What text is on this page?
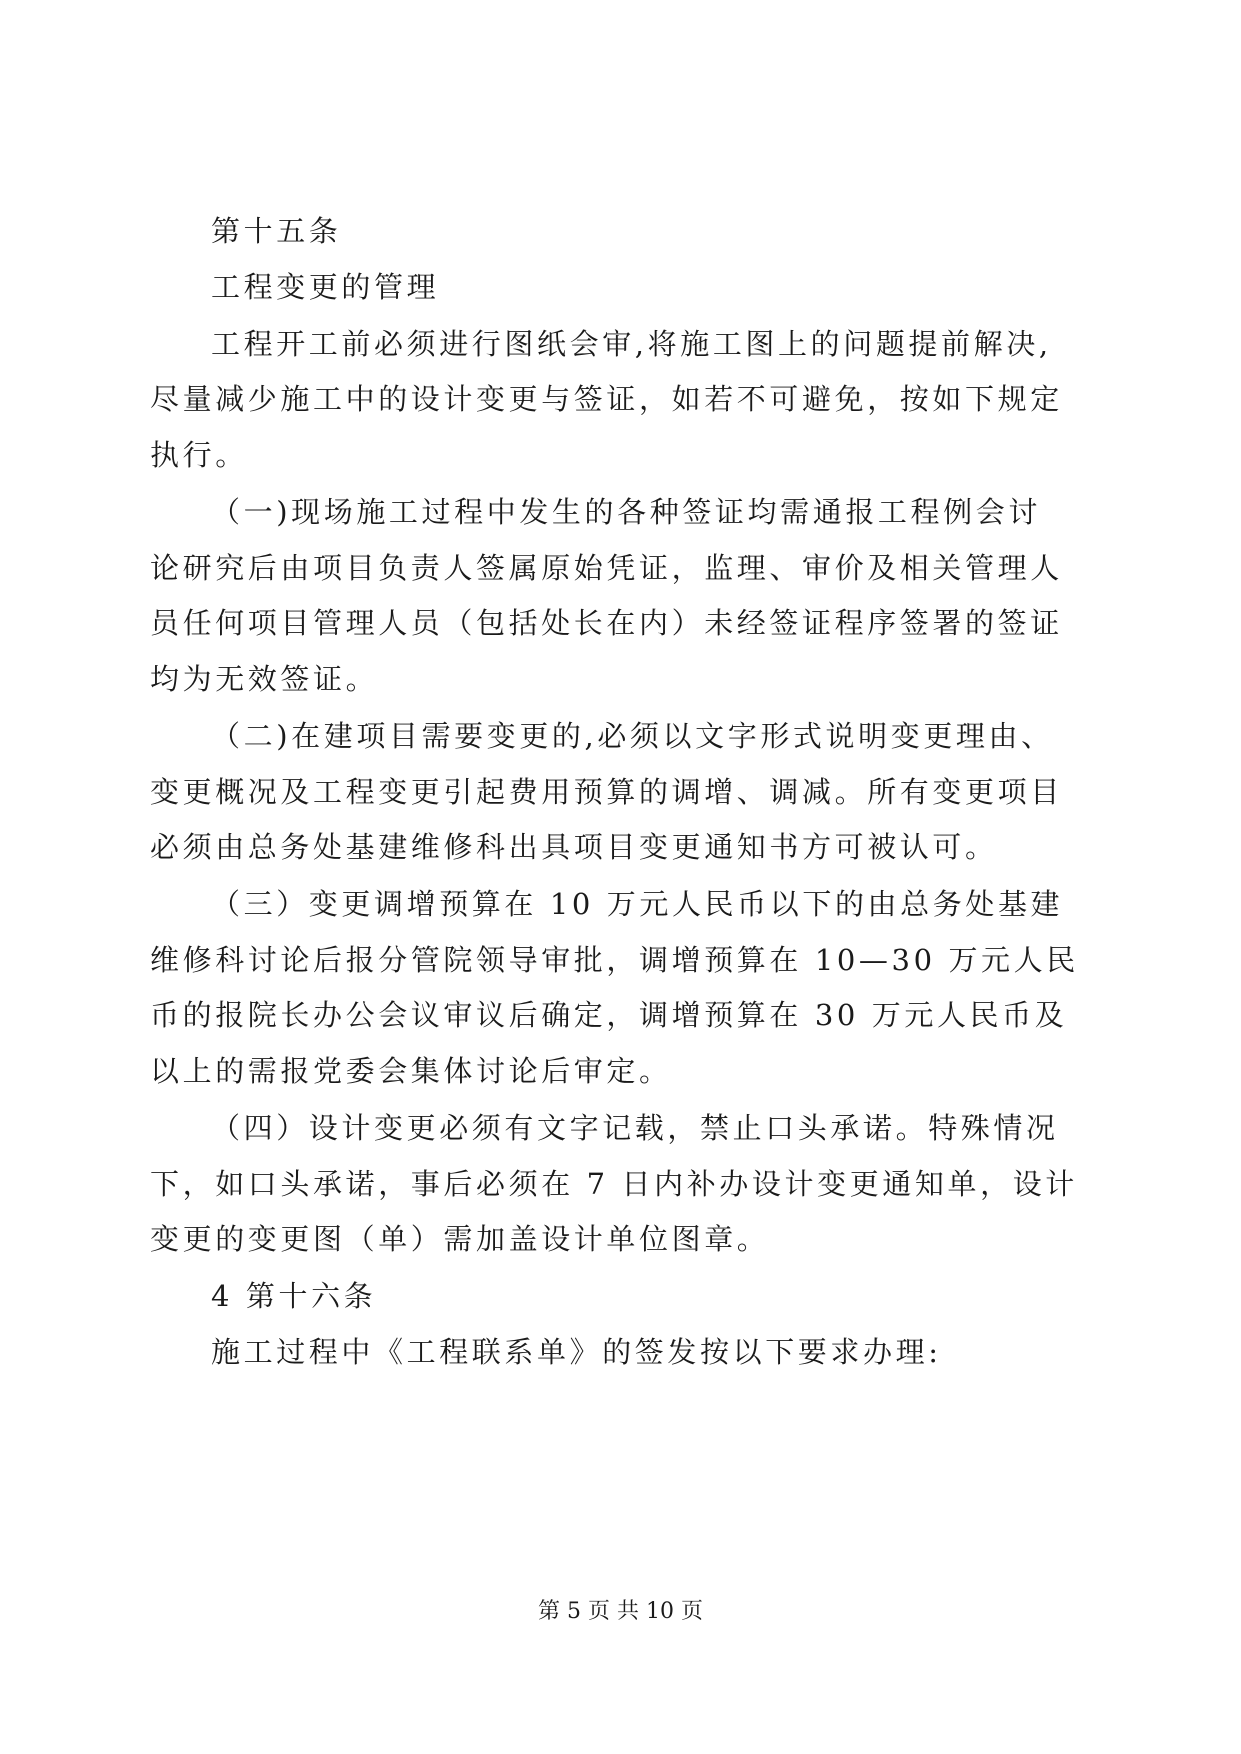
第十五条
工程变更的管理
工程开工前必须进行图纸会审,将施工图上的问题提前解决,
尽量减少施工中的设计变更与签证，如若不可避免，按如下规定
执行。
（一)现场施工过程中发生的各种签证均需通报工程例会讨
论研究后由项目负责人签属原始凭证，监理、审价及相关管理人
员任何项目管理人员（包括处长在内）未经签证程序签署的签证
均为无效签证。
（二)在建项目需要变更的,必须以文字形式说明变更理由、
变更概况及工程变更引起费用预算的调增、调减。所有变更项目
必须由总务处基建维修科出具项目变更通知书方可被认可。
（三）变更调增预算在 10 万元人民币以下的由总务处基建
维修科讨论后报分管院领导审批，调增预算在 10—30 万元人民
币的报院长办公会议审议后确定，调增预算在 30 万元人民币及
以上的需报党委会集体讨论后审定。
（四）设计变更必须有文字记载，禁止口头承诺。特殊情况
下，如口头承诺，事后必须在 7 日内补办设计变更通知单，设计
变更的变更图（单）需加盖设计单位图章。
4 第十六条
施工过程中《工程联系单》的签发按以下要求办理:
第 5 页 共 10 页
